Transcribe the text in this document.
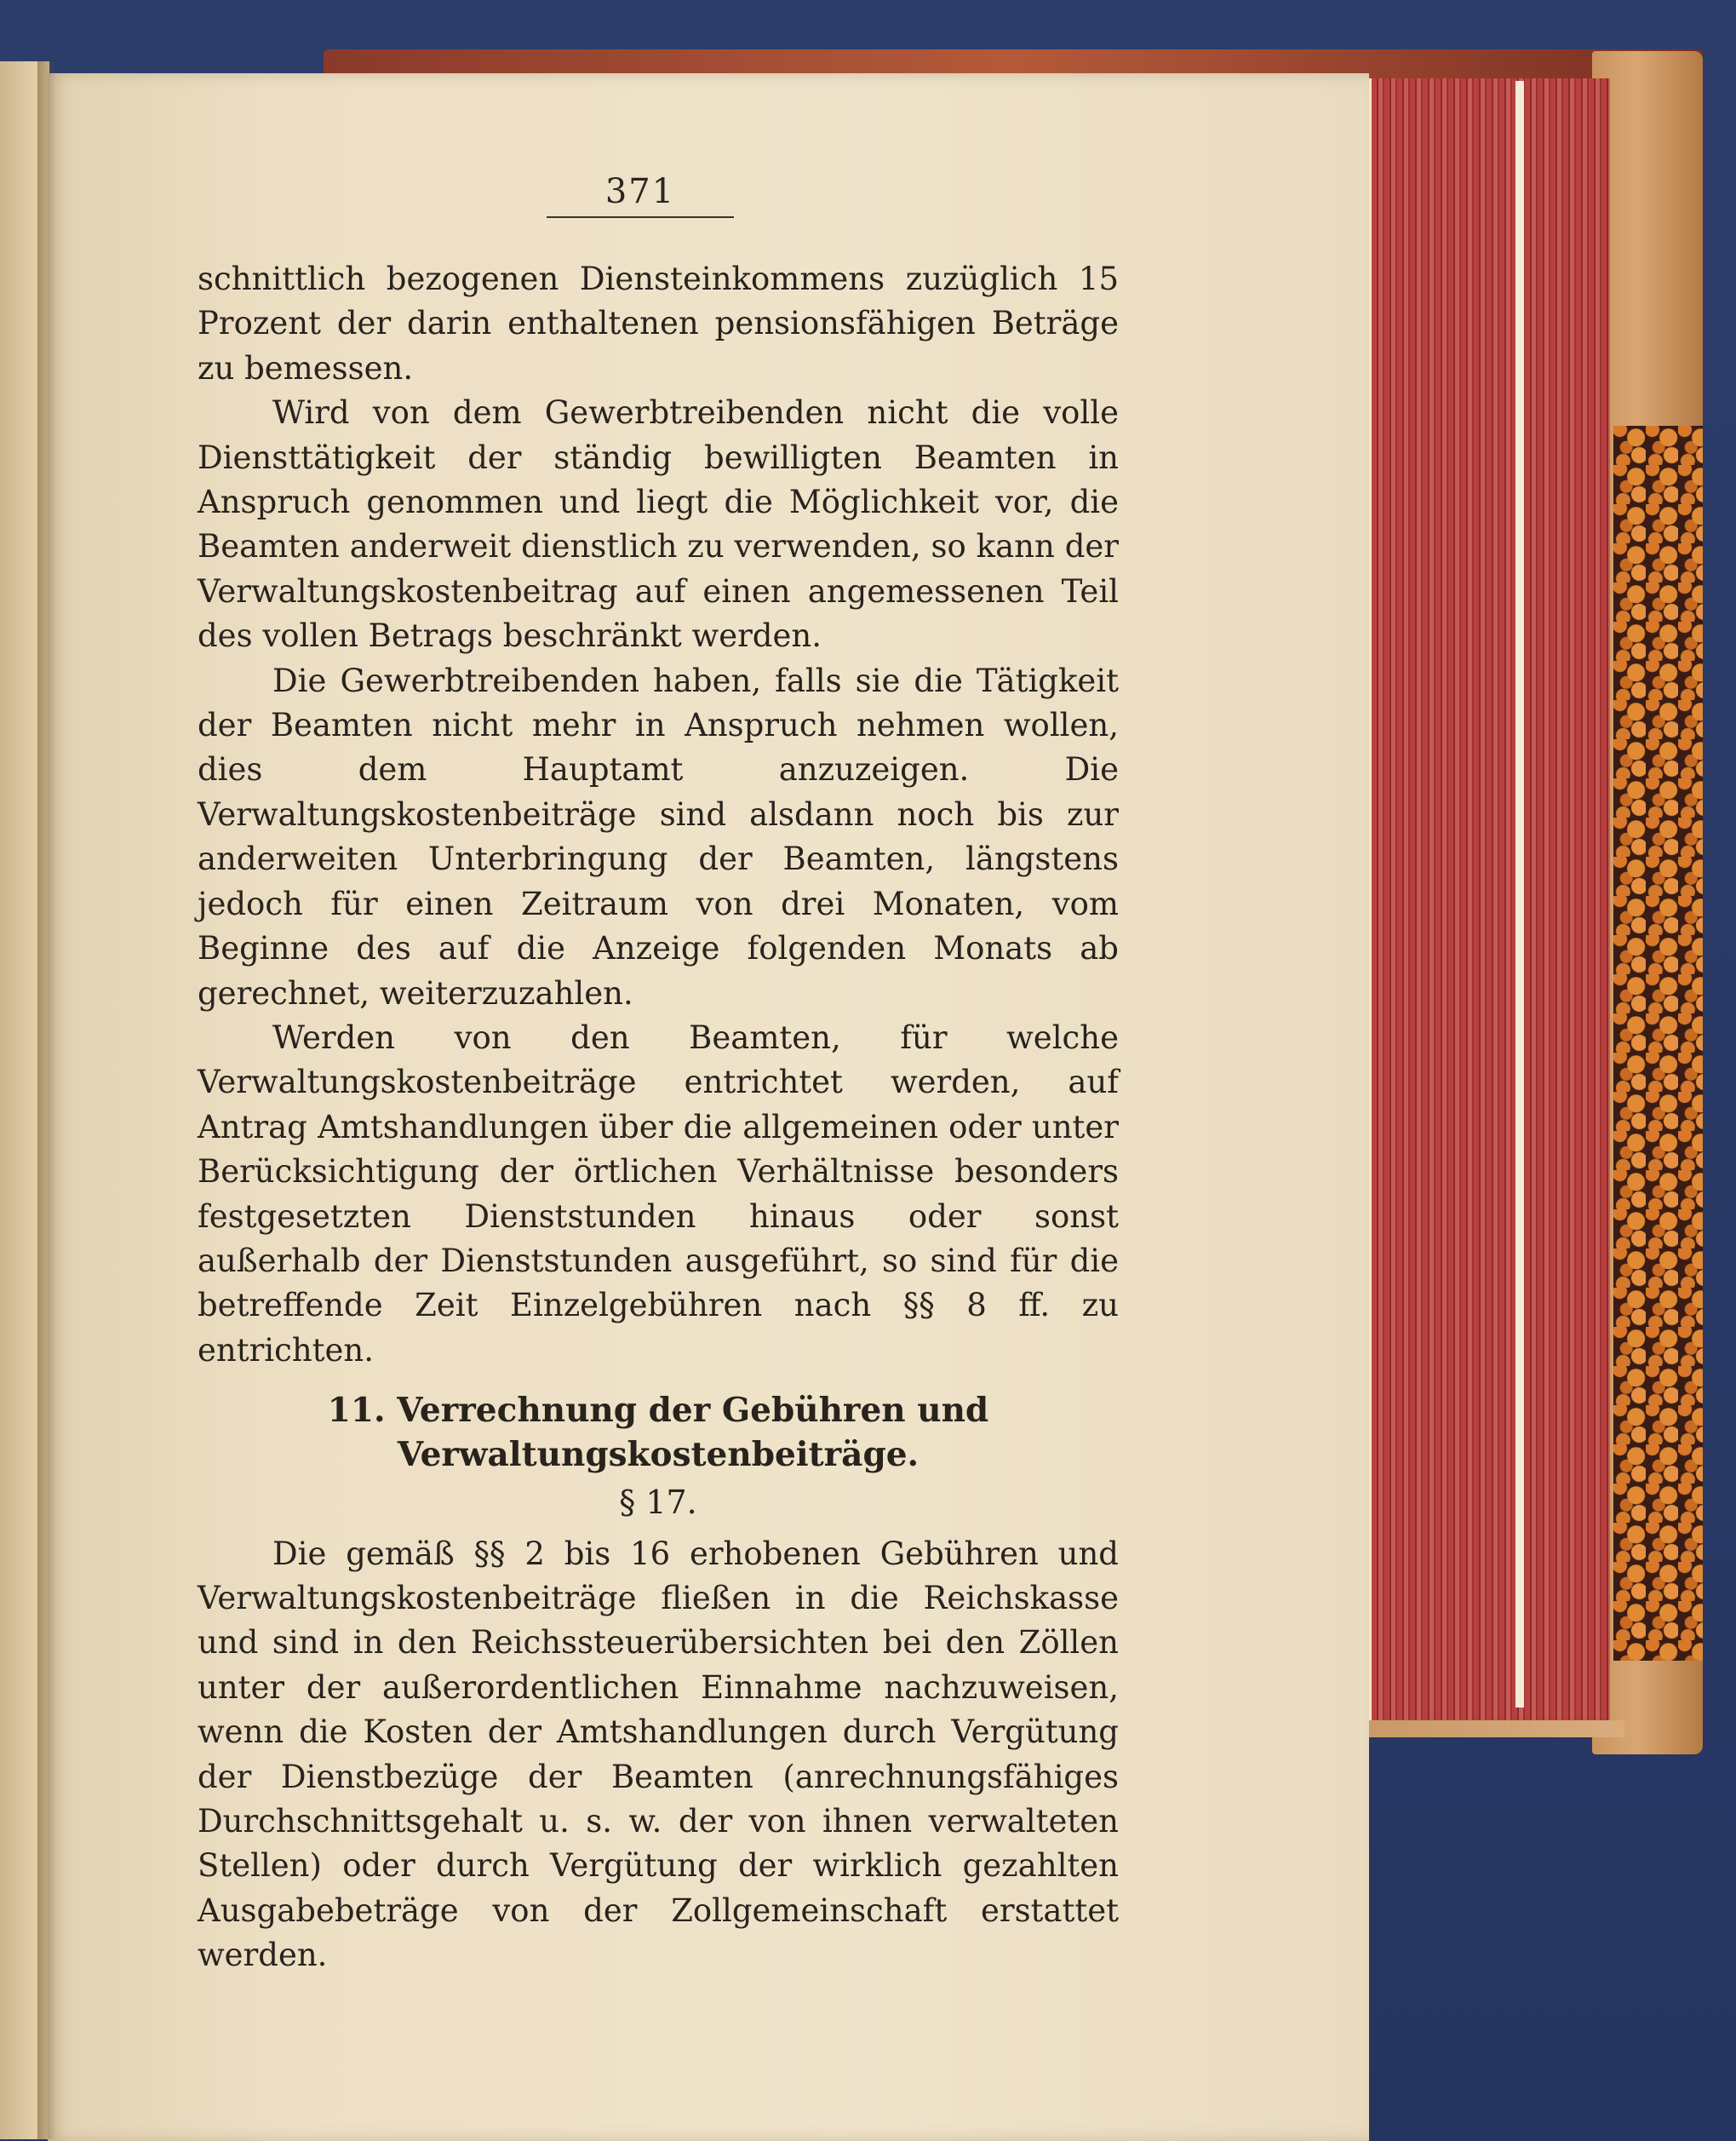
371

schnittlich bezogenen Diensteinkommens zuzüglich 15 Prozent der darin enthaltenen pensionsfähigen Beträge zu bemessen.

Wird von dem Gewerbtreibenden nicht die volle Diensttätigkeit der ständig bewilligten Beamten in Anspruch genommen und liegt die Möglichkeit vor, die Beamten anderweit dienstlich zu verwenden, so kann der Verwaltungskostenbeitrag auf einen angemessenen Teil des vollen Betrags beschränkt werden.

Die Gewerbtreibenden haben, falls sie die Tätigkeit der Beamten nicht mehr in Anspruch nehmen wollen, dies dem Hauptamt anzuzeigen. Die Verwaltungskostenbeiträge sind alsdann noch bis zur anderweiten Unterbringung der Beamten, längstens jedoch für einen Zeitraum von drei Monaten, vom Beginne des auf die Anzeige folgenden Monats ab gerechnet, weiterzuzahlen.

Werden von den Beamten, für welche Verwaltungskostenbeiträge entrichtet werden, auf Antrag Amtshandlungen über die allgemeinen oder unter Berücksichtigung der örtlichen Verhältnisse besonders festgesetzten Dienststunden hinaus oder sonst außerhalb der Dienststunden ausgeführt, so sind für die betreffende Zeit Einzelgebühren nach §§ 8 ff. zu entrichten.

11. Verrechnung der Gebühren und Verwaltungskostenbeiträge.
§ 17.

Die gemäß §§ 2 bis 16 erhobenen Gebühren und Verwaltungskostenbeiträge fließen in die Reichskasse und sind in den Reichssteuerübersichten bei den Zöllen unter der außerordentlichen Einnahme nachzuweisen, wenn die Kosten der Amtshandlungen durch Vergütung der Dienstbezüge der Beamten (anrechnungsfähiges Durchschnittsgehalt u. s. w. der von ihnen verwalteten Stellen) oder durch Vergütung der wirklich gezahlten Ausgabebeträge von der Zollgemeinschaft erstattet werden.
